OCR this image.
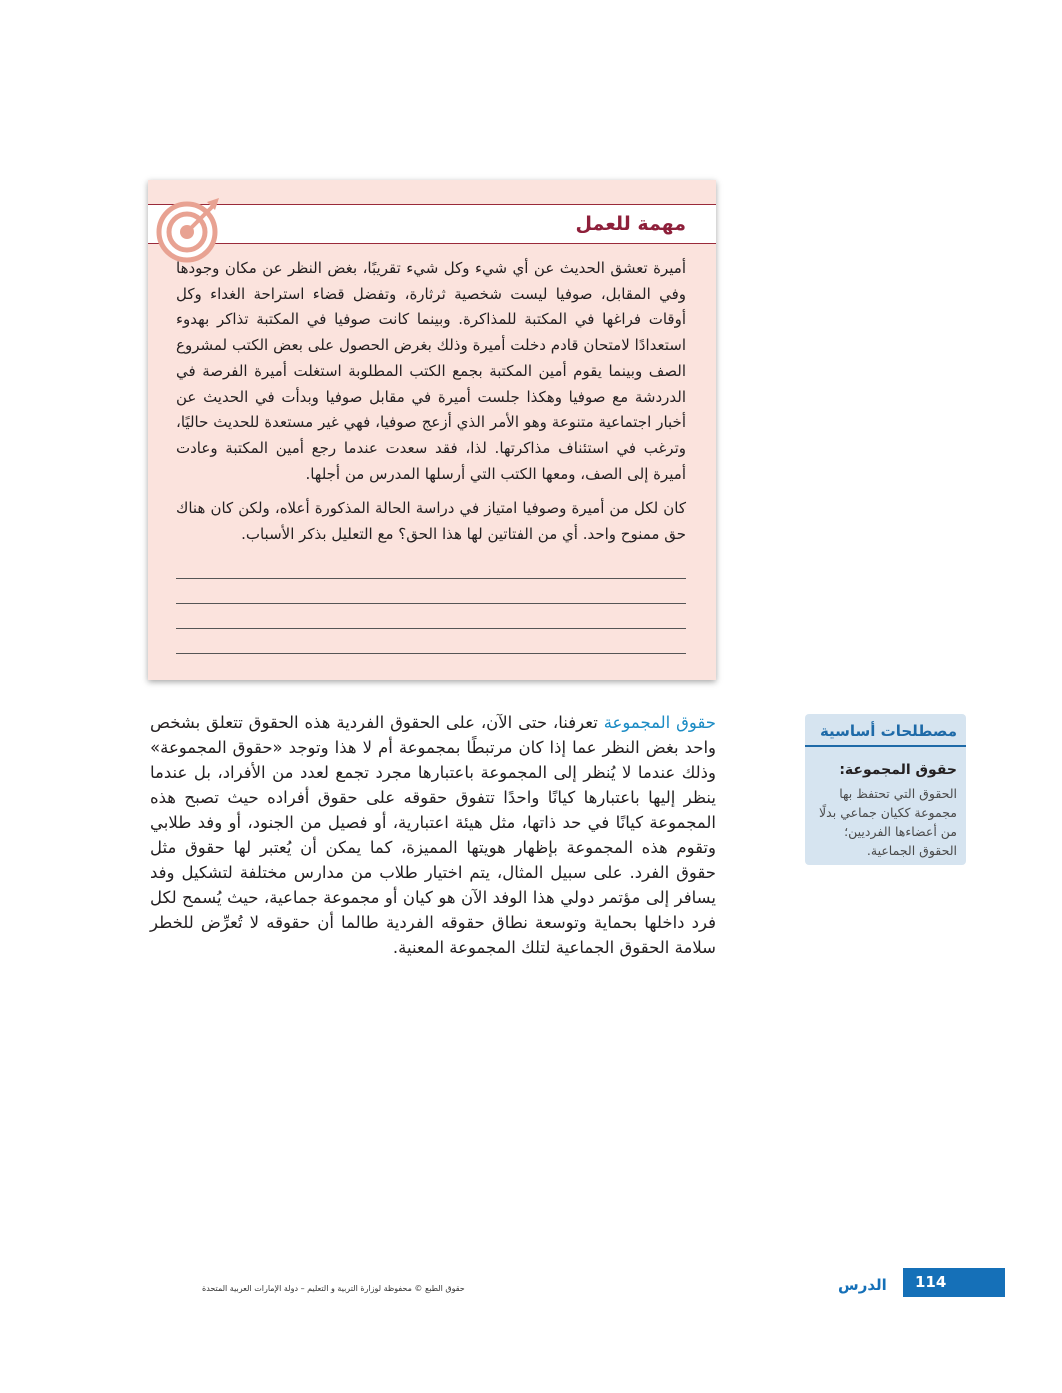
مهمة للعمل
أميرة تعشق الحديث عن أي شيء وكل شيء تقريبًا، بغض النظر عن مكان وجودها وفي المقابل، صوفيا ليست شخصية ثرثارة، وتفضل قضاء استراحة الغداء وكل أوقات فراغها في المكتبة للمذاكرة. وبينما كانت صوفيا في المكتبة تذاكر بهدوء استعدادًا لامتحان قادم دخلت أميرة وذلك بغرض الحصول على بعض الكتب لمشروع الصف وبينما يقوم أمين المكتبة بجمع الكتب المطلوبة استغلت أميرة الفرصة في الدردشة مع صوفيا وهكذا جلست أميرة في مقابل صوفيا وبدأت في الحديث عن أخبار اجتماعية متنوعة وهو الأمر الذي أزعج صوفيا، فهي غير مستعدة للحديث حاليًا، وترغب في استئناف مذاكرتها. لذا، فقد سعدت عندما رجع أمين المكتبة وعادت أميرة إلى الصف، ومعها الكتب التي أرسلها المدرس من أجلها.
كان لكل من أميرة وصوفيا امتياز في دراسة الحالة المذكورة أعلاه، ولكن كان هناك حق ممنوح واحد. أي من الفتاتين لها هذا الحق؟ مع التعليل بذكر الأسباب.
حقوق المجموعة تعرفنا، حتى الآن، على الحقوق الفردية هذه الحقوق تتعلق بشخص واحد بغض النظر عما إذا كان مرتبطًا بمجموعة أم لا هذا وتوجد «حقوق المجموعة» وذلك عندما لا يُنظر إلى المجموعة باعتبارها مجرد تجمع لعدد من الأفراد، بل عندما ينظر إليها باعتبارها كيانًا واحدًا تتفوق حقوقه على حقوق أفراده حيث تصبح هذه المجموعة كيانًا في حد ذاتها، مثل هيئة اعتبارية، أو فصيل من الجنود، أو وفد طلابي وتقوم هذه المجموعة بإظهار هويتها المميزة، كما يمكن أن يُعتبر لها حقوق مثل حقوق الفرد. على سبيل المثال، يتم اختيار طلاب من مدارس مختلفة لتشكيل وفد يسافر إلى مؤتمر دولي هذا الوفد الآن هو كيان أو مجموعة جماعية، حيث يُسمح لكل فرد داخلها بحماية وتوسعة نطاق حقوقه الفردية طالما أن حقوقه لا تُعرِّض للخطر سلامة الحقوق الجماعية لتلك المجموعة المعنية.
مصطلحات أساسية
حقوق المجموعة:
الحقوق التي تحتفظ بها مجموعة ككيان جماعي بدلًا من أعضاءها الفرديين؛ الحقوق الجماعية.
114
الدرس
حقوق الطبع © محفوظة لوزارة التربية و التعليم – دولة الإمارات العربية المتحدة
